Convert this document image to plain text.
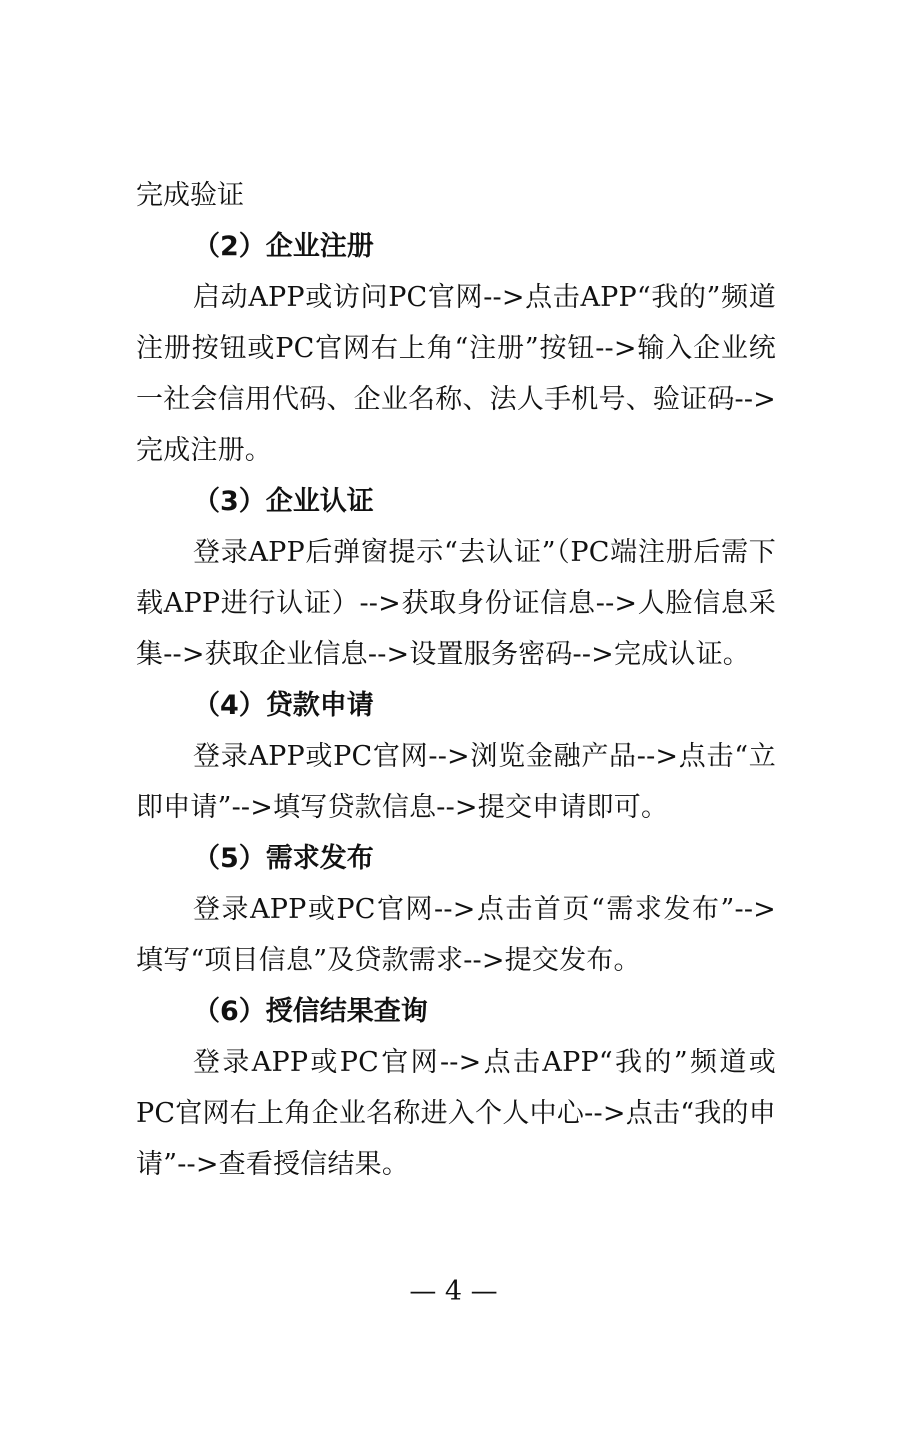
完成验证

（2）企业注册

启动APP或访问PC官网-->点击APP“我的”频道注册按钮或PC官网右上角“注册”按钮-->输入企业统一社会信用代码、企业名称、法人手机号、验证码-->完成注册。

（3）企业认证

登录APP后弹窗提示“去认证”（PC端注册后需下载APP进行认证）-->获取身份证信息-->人脸信息采集-->获取企业信息-->设置服务密码-->完成认证。

（4）贷款申请

登录APP或PC官网-->浏览金融产品-->点击“立即申请”-->填写贷款信息-->提交申请即可。

（5）需求发布

登录APP或PC官网-->点击首页“需求发布”-->填写“项目信息”及贷款需求-->提交发布。

（6）授信结果查询

登录APP或PC官网-->点击APP“我的”频道或PC官网右上角企业名称进入个人中心-->点击“我的申请”-->查看授信结果。

— 4 —
